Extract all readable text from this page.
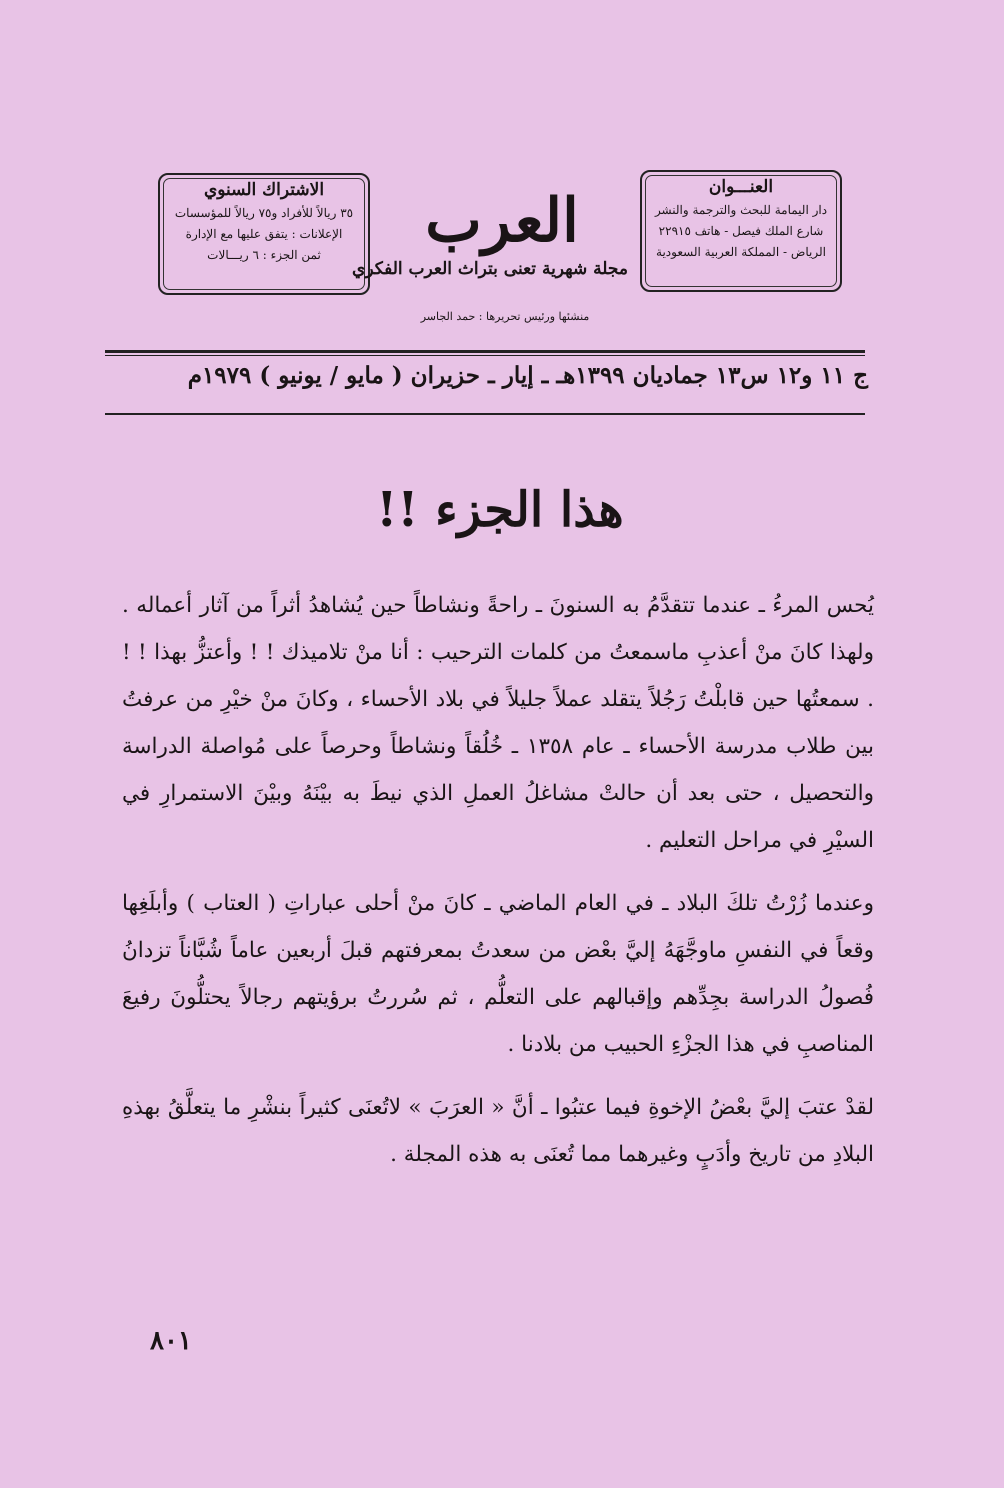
الاشتراك السنوي
٣٥ ريالاً للأفراد و٧٥ ريالاً للمؤسسات
الإعلانات : يتفق عليها مع الإدارة
ثمن الجزء : ٦ ريـــالات	العرب
مجلة شهرية تعنى بتراث العرب الفكري
منشئها ورئيس تحريرها : حمد الجاسر
العنـــوان
دار اليمامة للبحث والترجمة والنشر
شارع الملك فيصل - هاتف ٢٢٩١٥
الرياض - المملكة العربية السعودية
ج ١١ و١٢ س١٣ جماديان ١٣٩٩هـ ـ إيار ـ حزيران ( مايو / يونيو ) ١٩٧٩م
هذا الجزء !!

يُحس المرءُ ـ عندما تتقدَّمُ به السنونَ ـ راحةً ونشاطاً حين يُشاهدُ أثراً من آثار أعماله . ولهذا كانَ منْ أعذبِ ماسمعتُ من كلمات الترحيب : أنا منْ تلاميذك ! ! وأعتزُّ بهذا ! ! . سمعتُها حين قابلْتُ رَجُلاً يتقلد عملاً جليلاً في بلاد الأحساء ، وكانَ منْ خيْرِ من عرفتُ بين طلاب مدرسة الأحساء ـ عام ١٣٥٨ ـ خُلُقاً ونشاطاً وحرصاً على مُواصلة الدراسة والتحصيل ، حتى بعد أن حالتْ مشاغلُ العملِ الذي نيطَ به بيْنَهُ وبيْنَ الاستمرارِ في السيْرِ في مراحل التعليم .

وعندما زُرْتُ تلكَ البلاد ـ في العام الماضي ـ كانَ منْ أحلى عباراتِ ( العتاب ) وأبلَغِها وقعاً في النفسِ ماوجَّهَهُ إليَّ بعْض من سعدتُ بمعرفتهم قبلَ أربعين عاماً شُبَّاناً تزدانُ فُصولُ الدراسة بجِدِّهم وإقبالهم على التعلُّم ، ثم سُررتُ برؤيتهم رجالاً يحتلُّونَ رفيعَ المناصبِ في هذا الجزْءِ الحبيب من بلادنا .

لقدْ عتبَ إليَّ بعْضُ الإخوةِ فيما عتبُوا ـ أنَّ « العرَبَ » لاتُعنَى كثيراً بنشْرِ ما يتعلَّقُ بهذهِ البلادِ من تاريخ وأدَبٍ وغيرهما مما تُعنَى به هذه المجلة .

٨٠١
